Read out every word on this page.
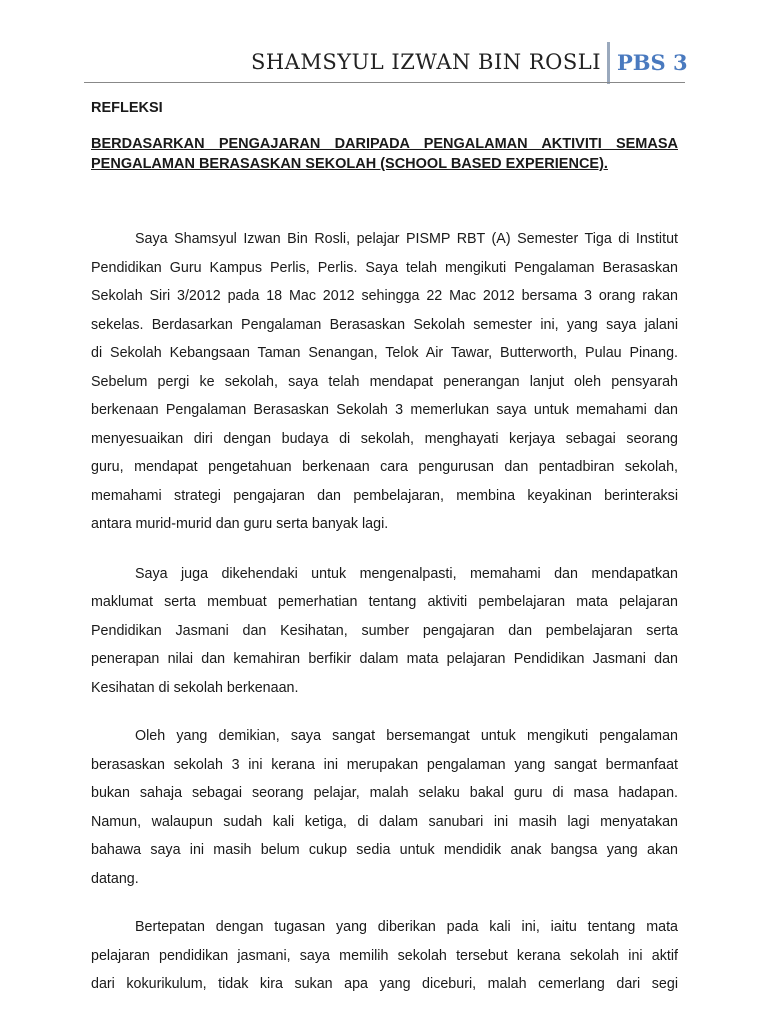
SHAMSYUL IZWAN BIN ROSLI PBS 3
REFLEKSI
BERDASARKAN PENGAJARAN DARIPADA PENGALAMAN AKTIVITI SEMASA
PENGALAMAN BERASASKAN SEKOLAH (SCHOOL BASED EXPERIENCE).
Saya Shamsyul Izwan Bin Rosli, pelajar PISMP RBT (A) Semester Tiga di Institut
Pendidikan Guru Kampus Perlis, Perlis. Saya telah mengikuti Pengalaman Berasaskan
Sekolah Siri 3/2012 pada 18 Mac 2012 sehingga 22 Mac 2012 bersama 3 orang rakan
sekelas. Berdasarkan Pengalaman Berasaskan Sekolah semester ini, yang saya jalani
di Sekolah Kebangsaan Taman Senangan, Telok Air Tawar, Butterworth, Pulau Pinang.
Sebelum pergi ke sekolah, saya telah mendapat penerangan lanjut oleh pensyarah
berkenaan Pengalaman Berasaskan Sekolah 3 memerlukan saya untuk memahami dan
menyesuaikan diri dengan budaya di sekolah, menghayati kerjaya sebagai seorang
guru, mendapat pengetahuan berkenaan cara pengurusan dan pentadbiran sekolah,
memahami strategi pengajaran dan pembelajaran, membina keyakinan berinteraksi
antara murid-murid dan guru serta banyak lagi.
Saya juga dikehendaki untuk mengenalpasti, memahami dan mendapatkan
maklumat serta membuat pemerhatian tentang aktiviti pembelajaran mata pelajaran
Pendidikan Jasmani dan Kesihatan, sumber pengajaran dan pembelajaran serta
penerapan nilai dan kemahiran berfikir dalam mata pelajaran Pendidikan Jasmani dan
Kesihatan di sekolah berkenaan.
Oleh yang demikian, saya sangat bersemangat untuk mengikuti pengalaman
berasaskan sekolah 3 ini kerana ini merupakan pengalaman yang sangat bermanfaat
bukan sahaja sebagai seorang pelajar, malah selaku bakal guru di masa hadapan.
Namun, walaupun sudah kali ketiga, di dalam sanubari ini masih lagi menyatakan
bahawa saya ini masih belum cukup sedia untuk mendidik anak bangsa yang akan
datang.
Bertepatan dengan tugasan yang diberikan pada kali ini, iaitu tentang mata
pelajaran pendidikan jasmani, saya memilih sekolah tersebut kerana sekolah ini aktif
dari kokurikulum, tidak kira sukan apa yang diceburi, malah cemerlang dari segi
